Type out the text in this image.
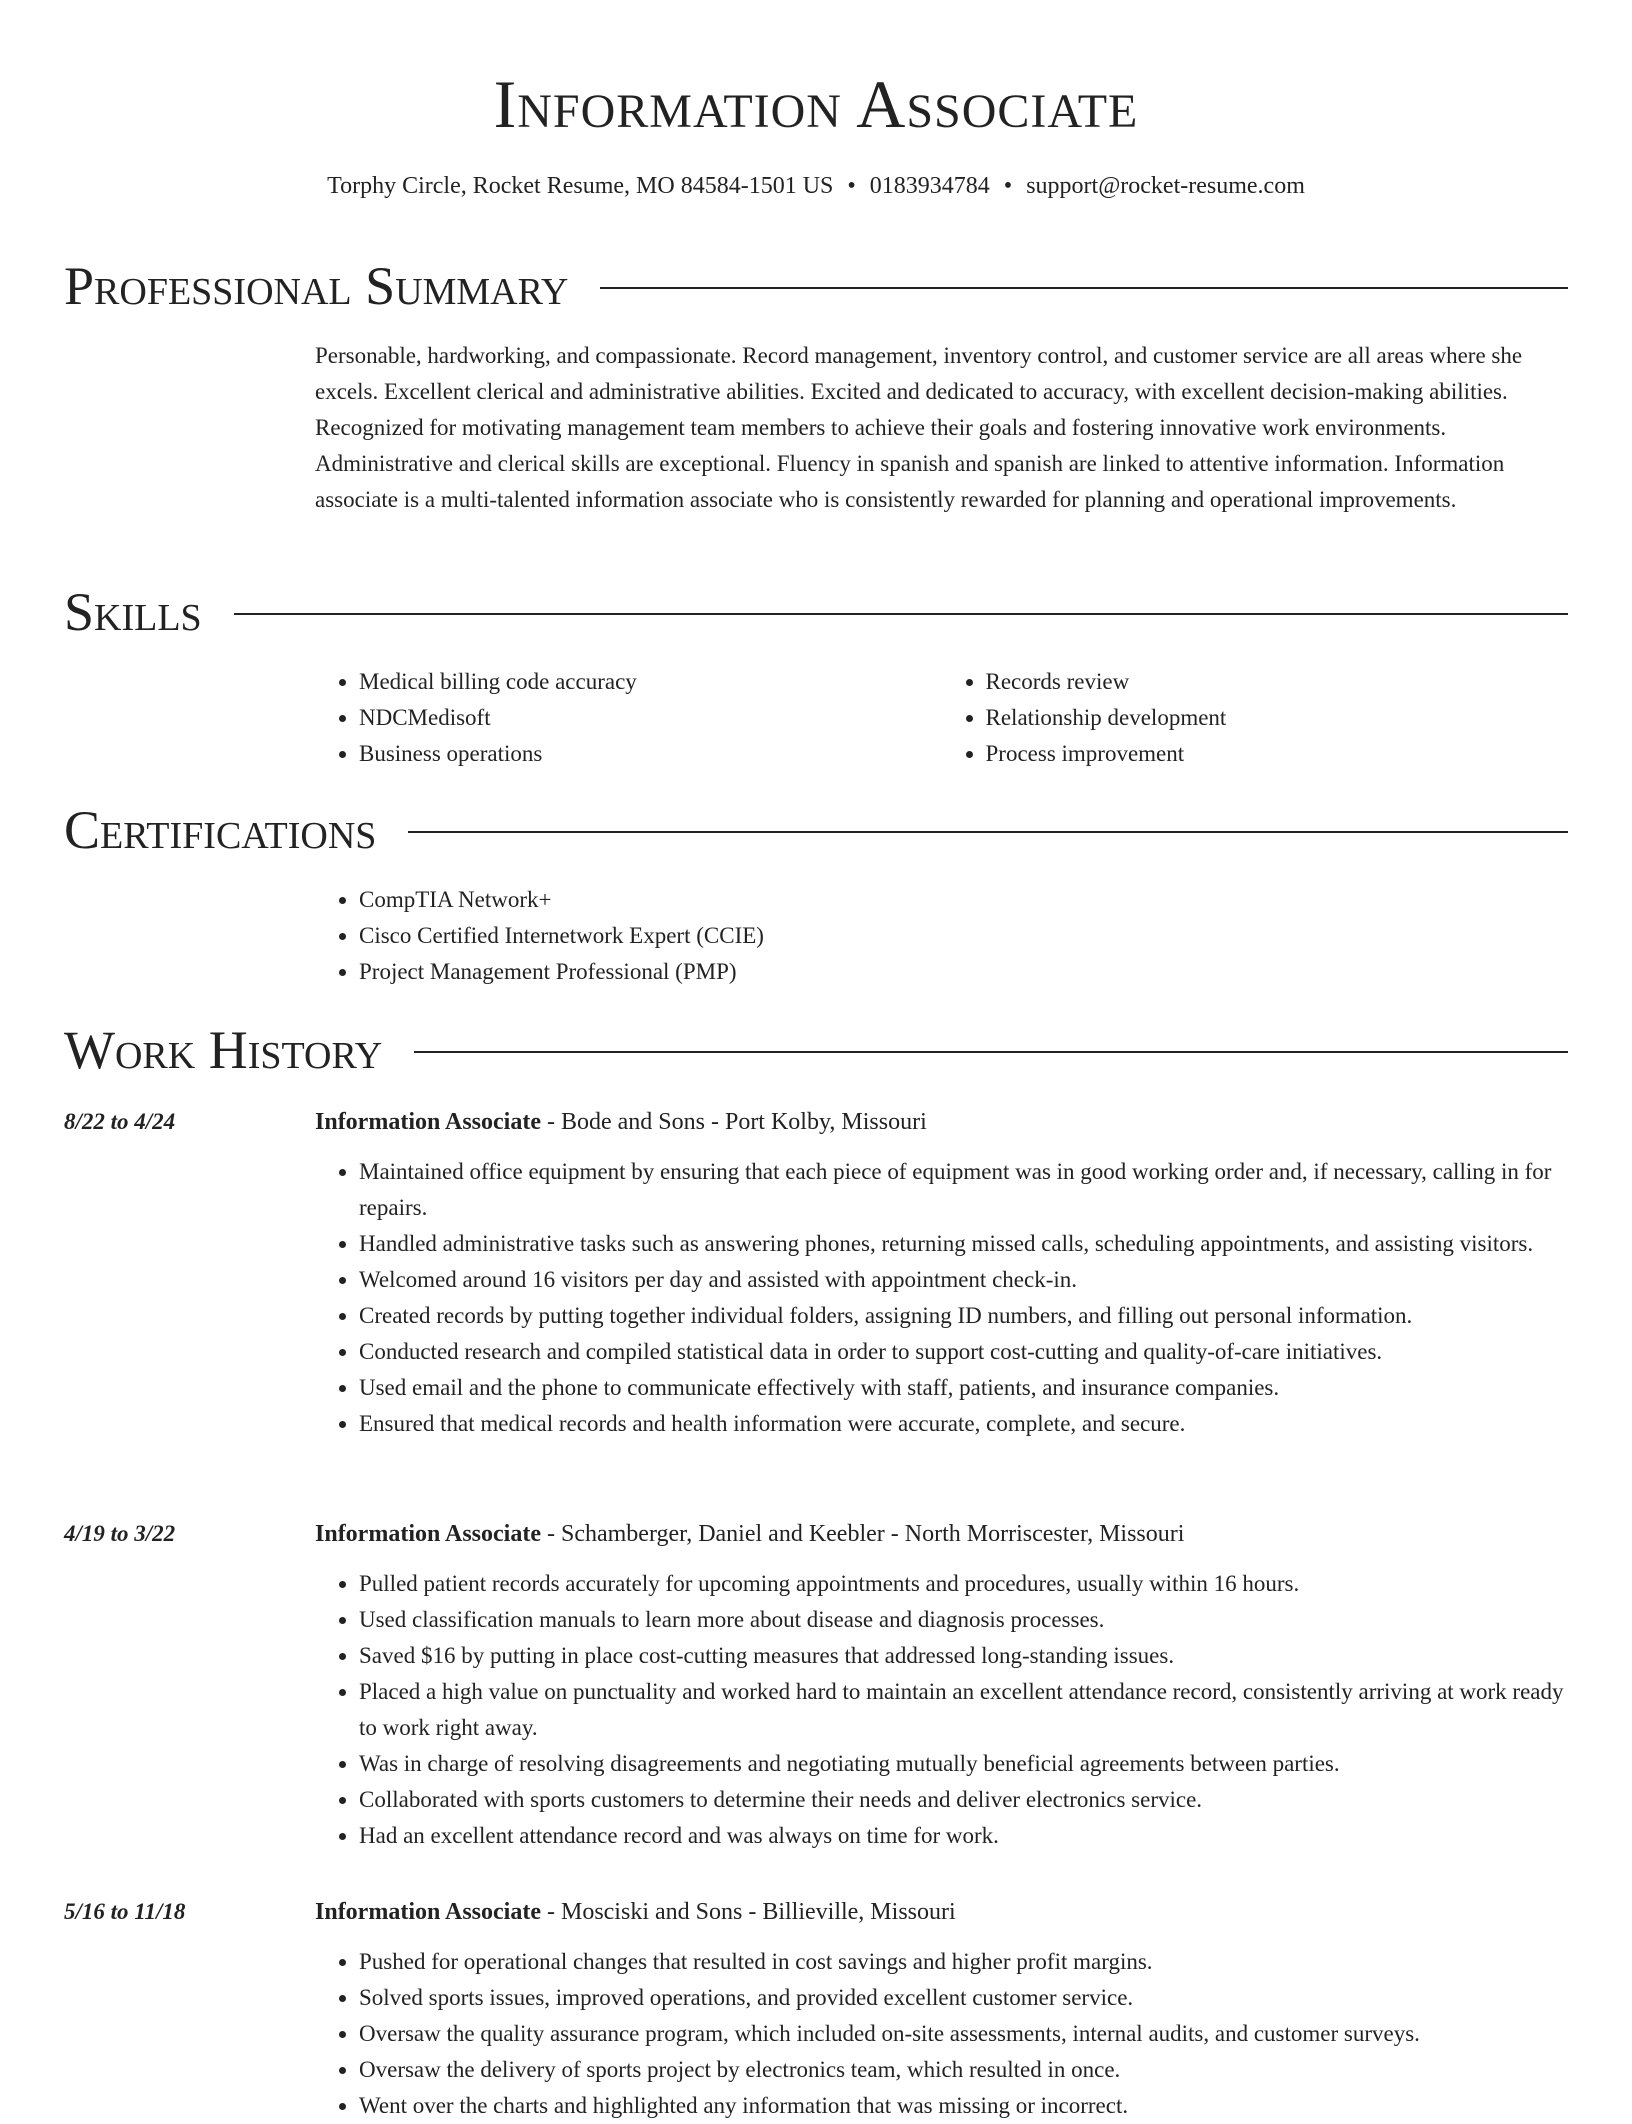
Information Associate
Torphy Circle, Rocket Resume, MO 84584-1501 US • 0183934784 • support@rocket-resume.com
Professional Summary

Personable, hardworking, and compassionate. Record management, inventory control, and customer service are all areas where she excels. Excellent clerical and administrative abilities. Excited and dedicated to accuracy, with excellent decision-making abilities. Recognized for motivating management team members to achieve their goals and fostering innovative work environments. Administrative and clerical skills are exceptional. Fluency in spanish and spanish are linked to attentive information. Information associate is a multi-talented information associate who is consistently rewarded for planning and operational improvements.

Skills
• Medical billing code accuracy
• NDCMedisoft
• Business operations
• Records review
• Relationship development
• Process improvement
Certifications
• CompTIA Network+
• Cisco Certified Internetwork Expert (CCIE)
• Project Management Professional (PMP)
Work History
8/22 to 4/24	Information Associate - Bode and Sons - Port Kolby, Missouri
• Maintained office equipment by ensuring that each piece of equipment was in good working order and, if necessary, calling in for repairs.
• Handled administrative tasks such as answering phones, returning missed calls, scheduling appointments, and assisting visitors.
• Welcomed around 16 visitors per day and assisted with appointment check-in.
• Created records by putting together individual folders, assigning ID numbers, and filling out personal information.
• Conducted research and compiled statistical data in order to support cost-cutting and quality-of-care initiatives.
• Used email and the phone to communicate effectively with staff, patients, and insurance companies.
• Ensured that medical records and health information were accurate, complete, and secure.
4/19 to 3/22	Information Associate - Schamberger, Daniel and Keebler - North Morriscester, Missouri
• Pulled patient records accurately for upcoming appointments and procedures, usually within 16 hours.
• Used classification manuals to learn more about disease and diagnosis processes.
• Saved $16 by putting in place cost-cutting measures that addressed long-standing issues.
• Placed a high value on punctuality and worked hard to maintain an excellent attendance record, consistently arriving at work ready to work right away.
• Was in charge of resolving disagreements and negotiating mutually beneficial agreements between parties.
• Collaborated with sports customers to determine their needs and deliver electronics service.
• Had an excellent attendance record and was always on time for work.
5/16 to 11/18	Information Associate - Mosciski and Sons - Billieville, Missouri
• Pushed for operational changes that resulted in cost savings and higher profit margins.
• Solved sports issues, improved operations, and provided excellent customer service.
• Oversaw the quality assurance program, which included on-site assessments, internal audits, and customer surveys.
• Oversaw the delivery of sports project by electronics team, which resulted in once.
• Went over the charts and highlighted any information that was missing or incorrect.
